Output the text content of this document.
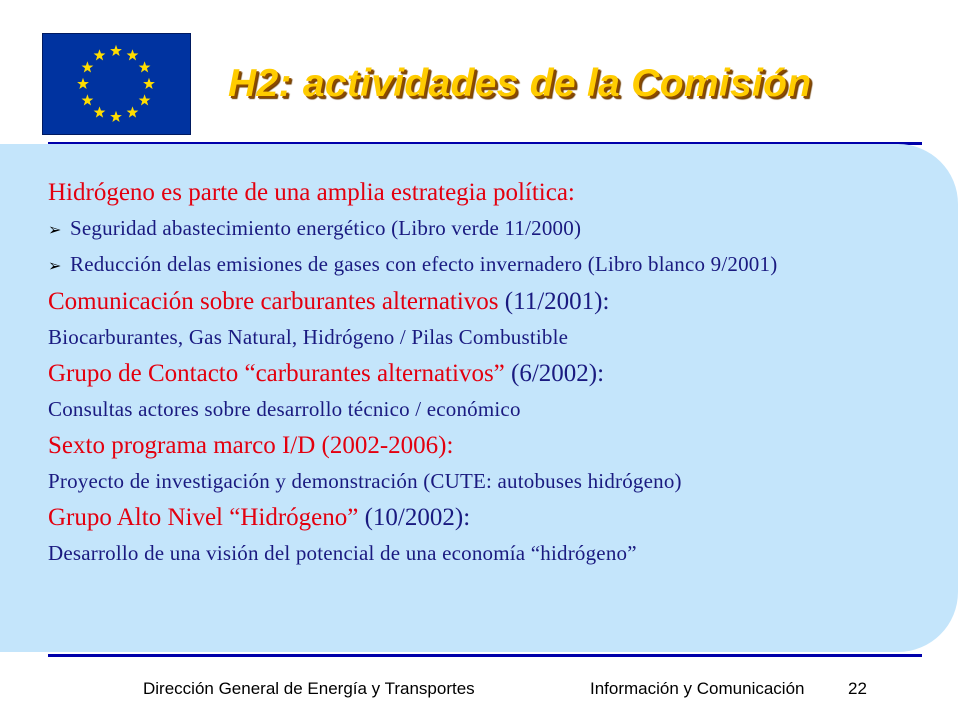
H2: actividades de la Comisión

Hidrógeno es parte de una amplia estrategia política:

➢ Seguridad abastecimiento energético (Libro verde 11/2000)

➢ Reducción delas emisiones de gases con efecto invernadero (Libro blanco 9/2001)

Comunicación sobre carburantes alternativos (11/2001):

Biocarburantes, Gas Natural, Hidrógeno / Pilas Combustible

Grupo de Contacto “carburantes alternativos” (6/2002):

Consultas actores sobre desarrollo técnico / económico

Sexto programa marco I/D (2002-2006):

Proyecto de investigación y demonstración (CUTE: autobuses hidrógeno)

Grupo Alto Nivel “Hidrógeno” (10/2002):

Desarrollo de una visión del potencial de una economía “hidrógeno”

Dirección General de Energía y Transportes	Información y Comunicación	22
